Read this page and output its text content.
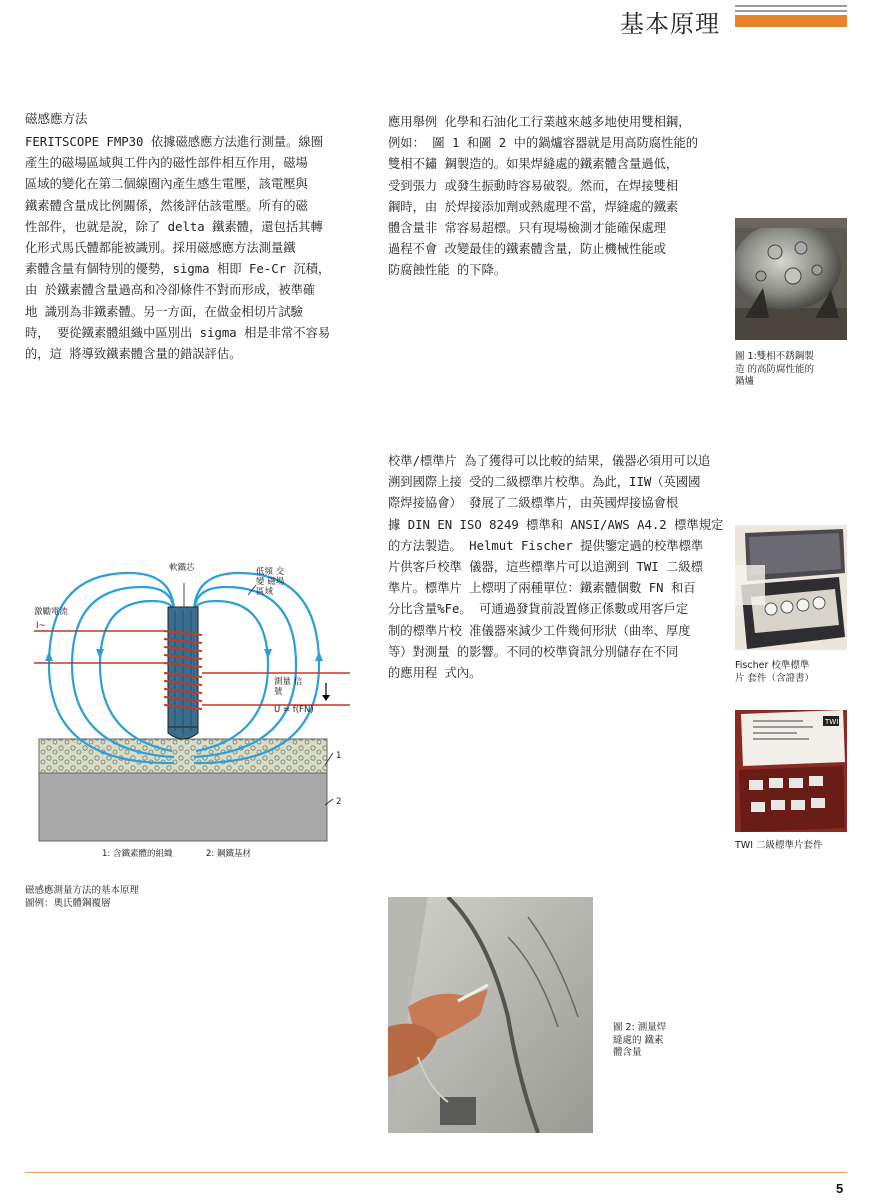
基本原理
磁感應方法
FERITSCOPE FMP30 依據磁感應方法進行測量。線圈
產生的磁場區域與工件內的磁性部件相互作用，磁場
區域的變化在第二個線圈內產生感生電壓，該電壓與
鐵素體含量成比例關係，然後評估該電壓。所有的磁
性部件，也就是說，除了 delta 鐵素體，還包括其轉
化形式馬氏體都能被識別。採用磁感應方法測量鐵
素體含量有個特別的優勢，sigma 相即 Fe-Cr 沉積，
由 於鐵素體含量過高和冷卻條件不對而形成，被準確
地 識別為非鐵素體。另一方面，在做金相切片試驗
時， 要從鐵素體組織中區別出 sigma 相是非常不容易
的，這 將導致鐵素體含量的錯誤評估。
應用舉例 化學和石油化工行業越來越多地使用雙相鋼，
例如： 圖 1 和圖 2 中的鍋爐容器就是用高防腐性能的
雙相不鏽 鋼製造的。如果焊縫處的鐵素體含量過低，
受到張力 或發生振動時容易破裂。然而，在焊接雙相
鋼時，由 於焊接添加劑或熱處理不當，焊縫處的鐵素
體含量非 常容易超標。只有現場檢測才能確保處理
過程不會 改變最佳的鐵素體含量，防止機械性能或
防腐蝕性能 的下降。
校準/標準片 為了獲得可以比較的結果，儀器必須用可以追
溯到國際上接 受的二級標準片校準。為此，IIW（英國國
際焊接協會） 發展了二級標準片，由英國焊接協會根
據 DIN EN ISO 8249 標準和 ANSI/AWS A4.2 標準規定
的方法製造。 Helmut Fischer 提供鑒定過的校準標準
片供客戶校準 儀器，這些標準片可以追溯到 TWI 二級標
準片。標準片 上標明了兩種單位：鐵素體個數 FN 和百
分比含量%Fe。 可通過發貨前設置修正係數或用客戶定
制的標準片校 准儀器來減少工件幾何形狀（曲率、厚度
等）對測量 的影響。不同的校準資訊分別儲存在不同
的應用程 式內。
圖 1:雙相不銹鋼製
造 的高防腐性能的
鍋爐
Fischer 校準標準
片 套件（含證書）
TWI
TWI 二級標準片套件
圖 2: 測量焊
縫處的 鐵素
體含量
軟鐵芯	低頻 交
變 磁場
區域
激勵電流
I~
測量 信
號
U = f(FN)
1
2
1: 含鐵素體的組織	2: 鋼鐵基材
磁感應測量方法的基本原理
圖例：奧氏體鋼覆層
5
